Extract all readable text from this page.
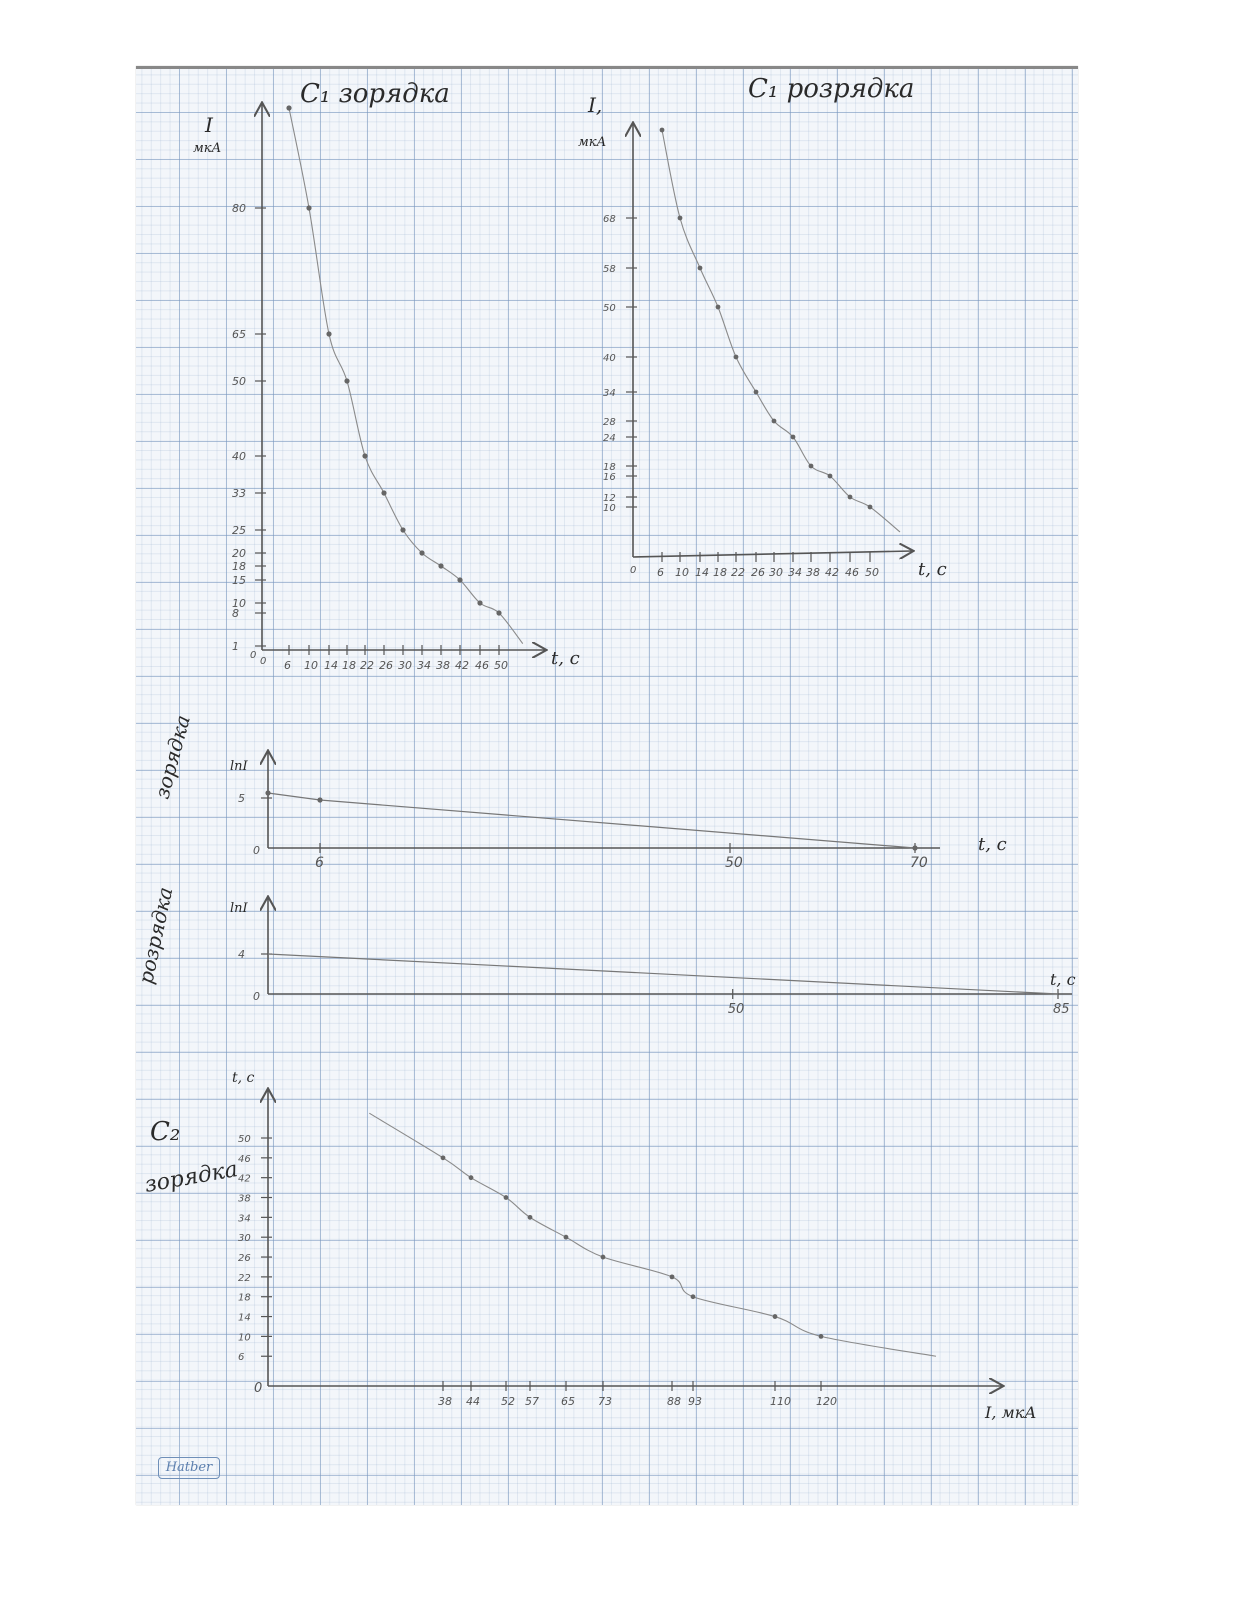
C₁ зорядка
I
мкА
t, с
0
0 6 10 14 18 22 26 30 34 38 42 46 50
1
8
10
15
18
20
25
33
40
50
65
80
C₁ розрядка
I,
мкА
t, с
0 6 10 14 18 22 26 30 34 38 42 46 50
10
12
16
18
24
28
34
40
50
58
68
зорядка	lnI
t, с
0
6	50	70
5
розрядка	lnI
t, с
0
50	85
4
C₂
зорядка
t, с
I, мкА
0
38 44 52 57 65 73	88 93	110 120
6
10
14
18
22
26
30
34
38
42
46
50
Hatber
